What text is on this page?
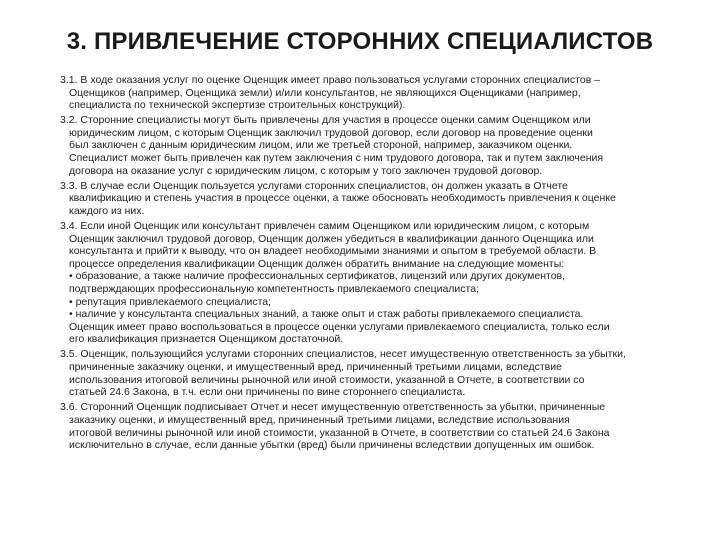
3. ПРИВЛЕЧЕНИЕ СТОРОННИХ СПЕЦИАЛИСТОВ
3.1. В ходе оказания услуг по оценке Оценщик имеет право пользоваться услугами сторонних специалистов –
Оценщиков (например, Оценщика земли) и/или консультантов, не являющихся Оценщиками (например,
специалиста по технической экспертизе строительных конструкций).
3.2. Сторонние специалисты могут быть привлечены для участия в процессе оценки самим Оценщиком или
юридическим лицом, с которым Оценщик заключил трудовой договор, если договор на проведение оценки
был заключен с данным юридическим лицом, или же третьей стороной, например, заказчиком оценки.
Специалист может быть привлечен как путем заключения с ним трудового договора, так и путем заключения
договора на оказание услуг с юридическим лицом, с которым у того заключен трудовой договор.
3.3. В случае если Оценщик пользуется услугами сторонних специалистов, он должен указать в Отчете
квалификацию и степень участия в процессе оценки, а также обосновать необходимость привлечения к оценке
каждого из них.
3.4. Если иной Оценщик или консультант привлечен самим Оценщиком или юридическим лицом, с которым
Оценщик заключил трудовой договор, Оценщик должен убедиться в квалификации данного Оценщика или
консультанта и прийти к выводу, что он владеет необходимыми знаниями и опытом в требуемой области. В
процессе определения квалификации Оценщик должен обратить внимание на следующие моменты:
• образование, а также наличие профессиональных сертификатов, лицензий или других документов,
подтверждающих профессиональную компетентность привлекаемого специалиста;
• репутация привлекаемого специалиста;
• наличие у консультанта специальных знаний, а также опыт и стаж работы привлекаемого специалиста.
Оценщик имеет право воспользоваться в процессе оценки услугами привлекаемого специалиста, только если
его квалификация признается Оценщиком достаточной.
3.5. Оценщик, пользующийся услугами сторонних специалистов, несет имущественную ответственность за убытки,
причиненные заказчику оценки, и имущественный вред, причиненный третьими лицами, вследствие
использования итоговой величины рыночной или иной стоимости, указанной в Отчете, в соответствии со
статьей 24.6 Закона, в т.ч. если они причинены по вине стороннего специалиста.
3.6. Сторонний Оценщик подписывает Отчет и несет имущественную ответственность за убытки, причиненные
заказчику оценки, и имущественный вред, причиненный третьими лицами, вследствие использования
итоговой величины рыночной или иной стоимости, указанной в Отчете, в соответствии со статьей 24.6 Закона
исключительно в случае, если данные убытки (вред) были причинены вследствии допущенных им ошибок.
